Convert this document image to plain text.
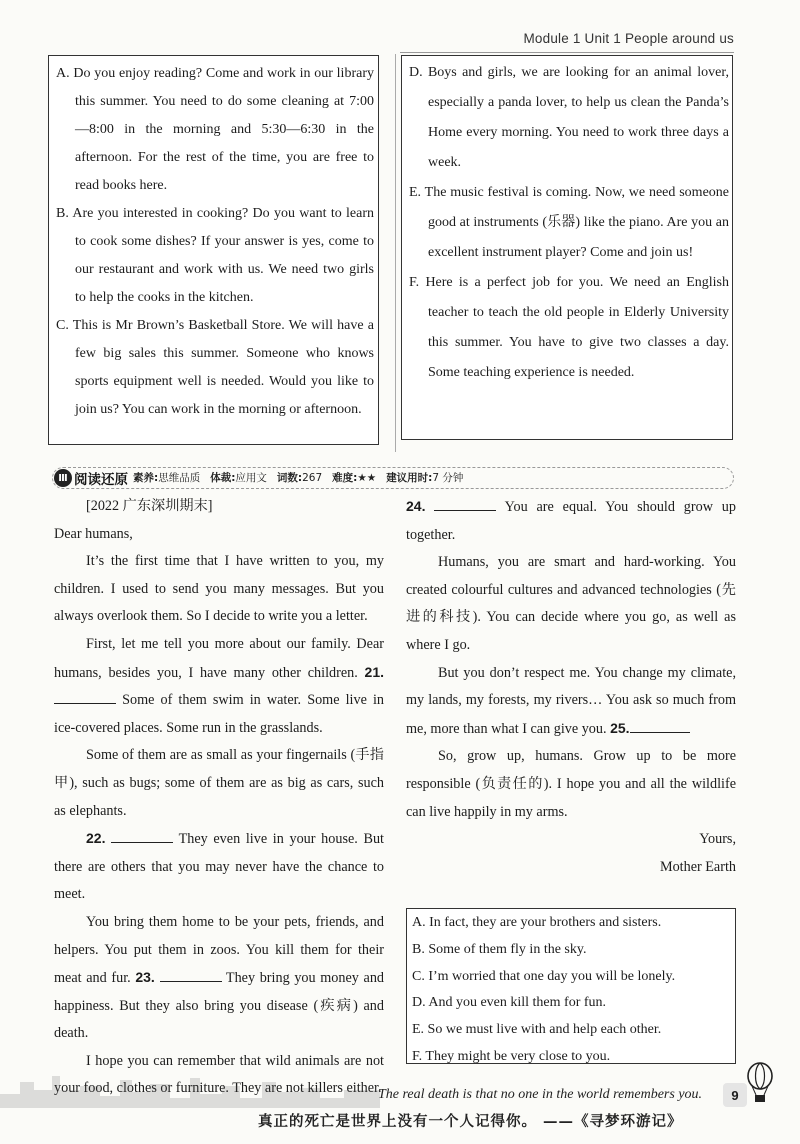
Module 1 Unit 1 People around us

A. Do you enjoy reading? Come and work in our library this summer. You need to do some cleaning at 7:00—8:00 in the morning and 5:30—6:30 in the afternoon. For the rest of the time, you are free to read books here.

B. Are you interested in cooking? Do you want to learn to cook some dishes? If your answer is yes, come to our restaurant and work with us. We need two girls to help the cooks in the kitchen.

C. This is Mr Brown’s Basketball Store. We will have a few big sales this summer. Someone who knows sports equipment well is needed. Would you like to join us? You can work in the morning or afternoon.

D. Boys and girls, we are looking for an animal lover, especially a panda lover, to help us clean the Panda’s Home every morning. You need to work three days a week.

E. The music festival is coming. Now, we need someone good at instruments (乐器) like the piano. Are you an excellent instrument player? Come and join us!

F. Here is a perfect job for you. We need an English teacher to teach the old people in Elderly University this summer. You have to give two classes a day. Some teaching experience is needed.

Ⅲ 阅读还原 素养:思维品质 体裁:应用文 词数:267 难度:★★ 建议用时:7 分钟

[2022 广东深圳期末]

Dear humans,

It’s the first time that I have written to you, my children. I used to send you many messages. But you always overlook them. So I decide to write you a letter.

First, let me tell you more about our family. Dear humans, besides you, I have many other children. 21. Some of them swim in water. Some live in ice-covered places. Some run in the grasslands.

Some of them are as small as your fingernails (手指甲), such as bugs; some of them are as big as cars, such as elephants.

22.	They even live in your house. But there are others that you may never have the chance to meet.

You bring them home to be your pets, friends, and helpers. You put them in zoos. You kill them for their meat and fur. 23.	They bring you money and happiness. But they also bring you disease (疾病) and death.

I hope you can remember that wild animals are not your food, clothes or furniture. They are not killers either.

24.	You are equal. You should grow up together.

Humans, you are smart and hard-working. You created colourful cultures and advanced technologies (先进的科技). You can decide where you go, as well as where I go.

But you don’t respect me. You change my climate, my lands, my forests, my rivers… You ask so much from me, more than what I can give you. 25.

So, grow up, humans. Grow up to be more responsible (负责任的). I hope you and all the wildlife can live happily in my arms.

Yours,

Mother Earth

A. In fact, they are your brothers and sisters.
B. Some of them fly in the sky.
C. I’m worried that one day you will be lonely.
D. And you even kill them for fun.
E. So we must live with and help each other.
F. They might be very close to you.
The real death is that no one in the world remembers you.
真正的死亡是世界上没有一个人记得你。 ——《寻梦环游记》
9
